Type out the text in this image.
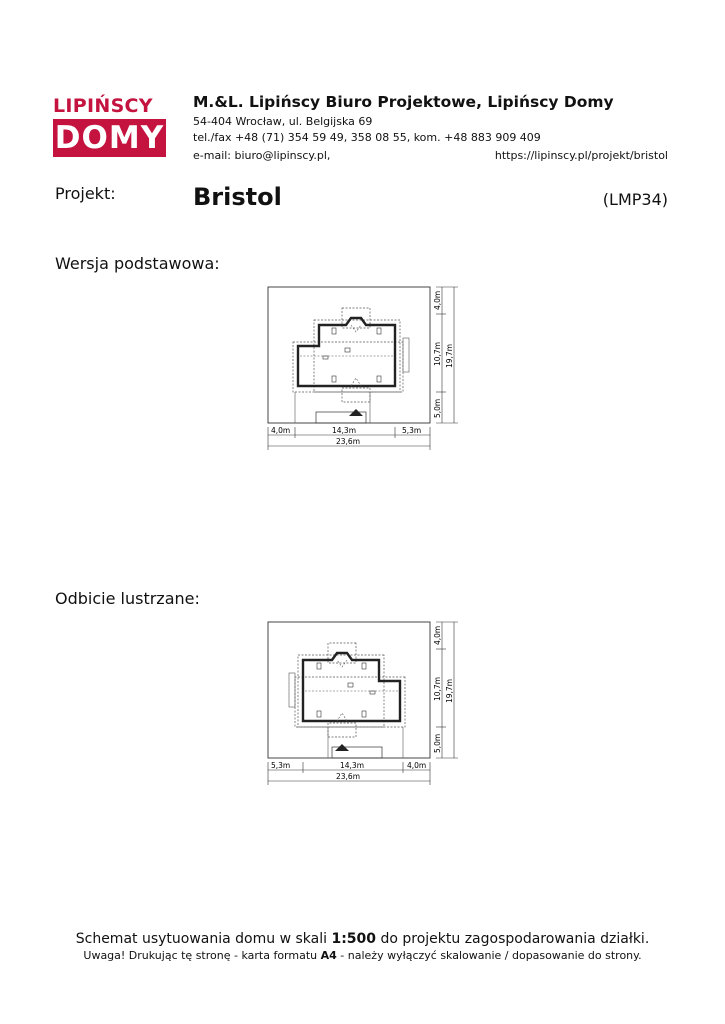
LIPIŃSCY
DOMY
M.&L. Lipińscy Biuro Projektowe, Lipińscy Domy
54-404 Wrocław, ul. Belgijska 69
tel./fax +48 (71) 354 59 49, 358 08 55, kom. +48 883 909 409
e-mail: biuro@lipinscy.pl,	https://lipinscy.pl/projekt/bristol
Projekt:	Bristol	(LMP34)
Wersja podstawowa:
4,0m
10,7m
5,0m
19,7m
4,0m	14,3m	5,3m
23,6m
Odbicie lustrzane:
4,0m
10,7m
5,0m
19,7m
5,3m	14,3m	4,0m
23,6m
Schemat usytuowania domu w skali 1:500 do projektu zagospodarowania działki.
Uwaga! Drukując tę stronę - karta formatu A4 - należy wyłączyć skalowanie / dopasowanie do strony.
